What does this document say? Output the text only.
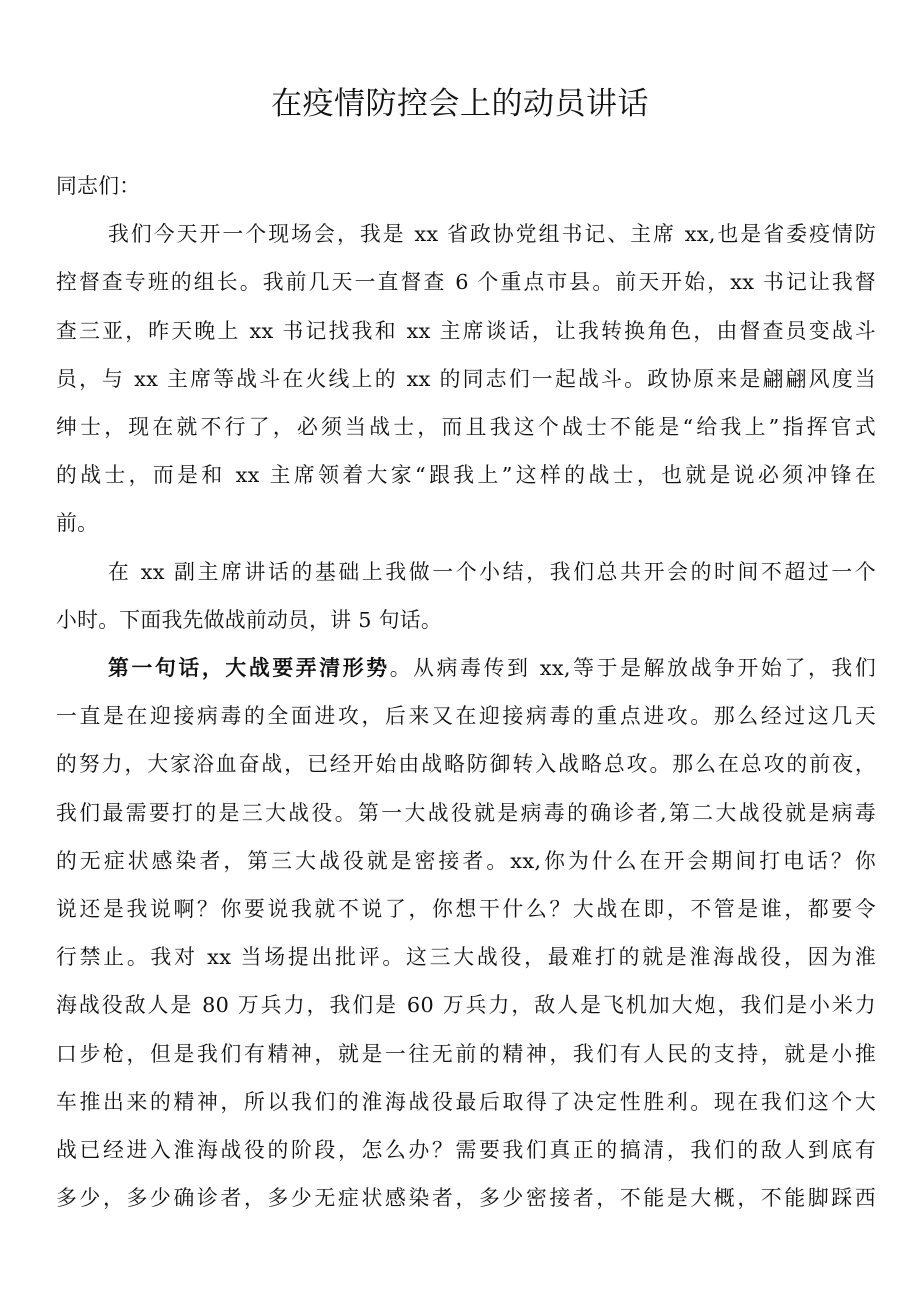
在疫情防控会上的动员讲话

同志们：

我们今天开一个现场会，我是 xx 省政协党组书记、主席 xx,也是省委疫情防
控督查专班的组长。我前几天一直督查 6 个重点市县。前天开始，xx 书记让我督
查三亚，昨天晚上 xx 书记找我和 xx 主席谈话，让我转换角色，由督查员变战斗
员，与 xx 主席等战斗在火线上的 xx 的同志们一起战斗。政协原来是翩翩风度当
绅士，现在就不行了，必须当战士，而且我这个战士不能是“给我上”指挥官式
的战士，而是和 xx 主席领着大家“跟我上”这样的战士，也就是说必须冲锋在
前。

在 xx 副主席讲话的基础上我做一个小结，我们总共开会的时间不超过一个
小时。下面我先做战前动员，讲 5 句话。

第一句话，大战要弄清形势。从病毒传到 xx,等于是解放战争开始了，我们
一直是在迎接病毒的全面进攻，后来又在迎接病毒的重点进攻。那么经过这几天
的努力，大家浴血奋战，已经开始由战略防御转入战略总攻。那么在总攻的前夜，
我们最需要打的是三大战役。第一大战役就是病毒的确诊者,第二大战役就是病毒
的无症状感染者，第三大战役就是密接者。xx,你为什么在开会期间打电话？你
说还是我说啊？你要说我就不说了，你想干什么？大战在即，不管是谁，都要令
行禁止。我对 xx 当场提出批评。这三大战役，最难打的就是淮海战役，因为淮
海战役敌人是 80 万兵力，我们是 60 万兵力，敌人是飞机加大炮，我们是小米力
口步枪，但是我们有精神，就是一往无前的精神，我们有人民的支持，就是小推
车推出来的精神，所以我们的淮海战役最后取得了决定性胜利。现在我们这个大
战已经进入淮海战役的阶段，怎么办？需要我们真正的搞清，我们的敌人到底有
多少，多少确诊者，多少无症状感染者，多少密接者，不能是大概，不能脚踩西
